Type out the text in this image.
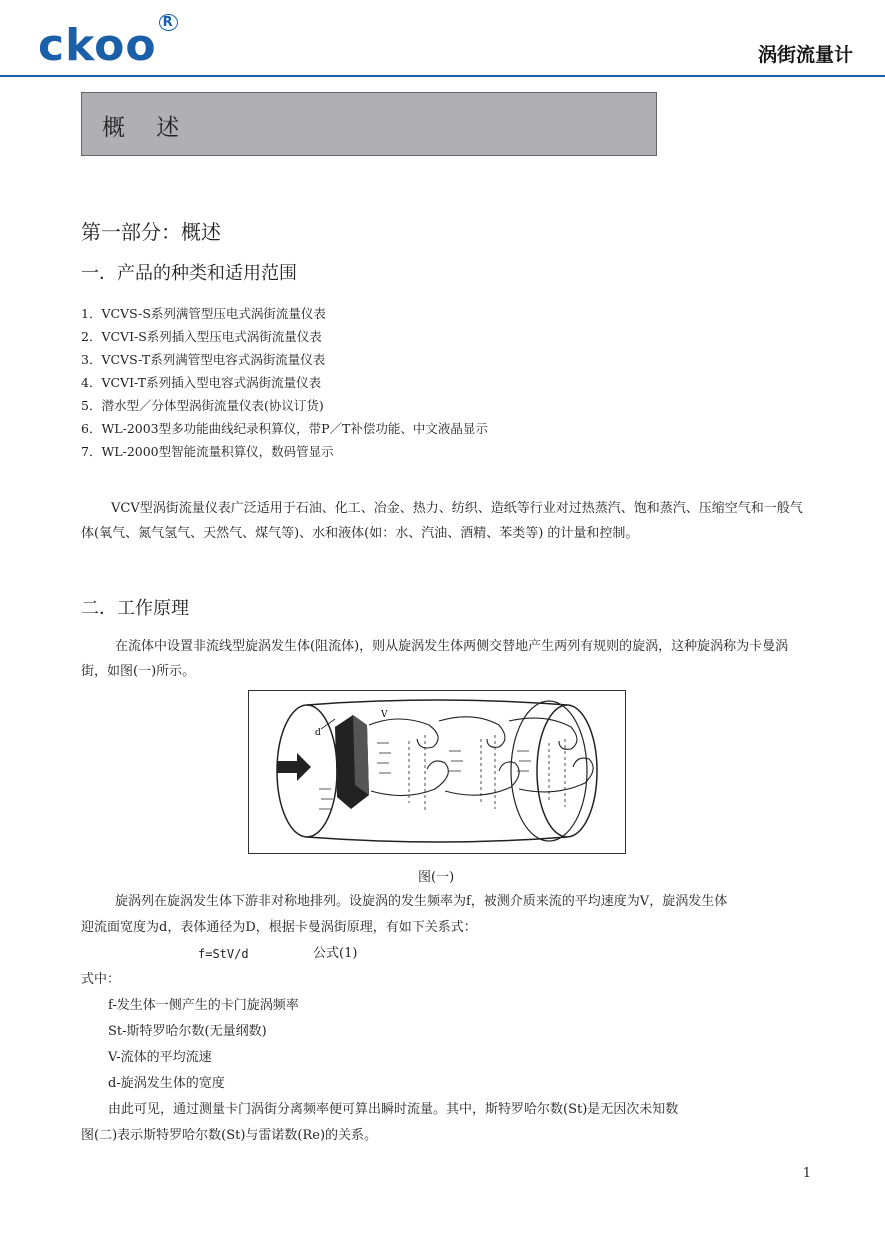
ckoo $^R$
涡街流量计
概 述
第一部分：概述
一．产品的种类和适用范围
1．VCVS-S系列满管型压电式涡街流量仪表
2．VCVI-S系列插入型压电式涡街流量仪表
3．VCVS-T系列满管型电容式涡街流量仪表
4．VCVI-T系列插入型电容式涡街流量仪表
5．潜水型／分体型涡街流量仪表(协议订货)
6．WL-2003型多功能曲线纪录积算仪，带P／T补偿功能、中文液晶显示
7．WL-2000型智能流量积算仪，数码管显示
VCV型涡街流量仪表广泛适用于石油、化工、冶金、热力、纺织、造纸等行业对过热蒸汽、饱和蒸汽、压缩空气和一般气体(氧气、氮气氢气、天然气、煤气等)、水和液体(如：水、汽油、酒精、苯类等) 的计量和控制。
二．工作原理
在流体中设置非流线型旋涡发生体(阻流体)，则从旋涡发生体两侧交替地产生两列有规则的旋涡，这种旋涡称为卡曼涡街，如图(一)所示。
d
V
图(一)
旋涡列在旋涡发生体下游非对称地排列。设旋涡的发生频率为f，被测介质来流的平均速度为V，旋涡发生体
迎流面宽度为d，表体通径为D，根据卡曼涡街原理，有如下关系式：
f=StV/d	公式(1)
式中：
f-发生体一侧产生的卡门旋涡频率
St-斯特罗哈尔数(无量纲数)
V-流体的平均流速
d-旋涡发生体的宽度
由此可见，通过测量卡门涡街分离频率便可算出瞬时流量。其中，斯特罗哈尔数(St)是无因次未知数
图(二)表示斯特罗哈尔数(St)与雷诺数(Re)的关系。
1
